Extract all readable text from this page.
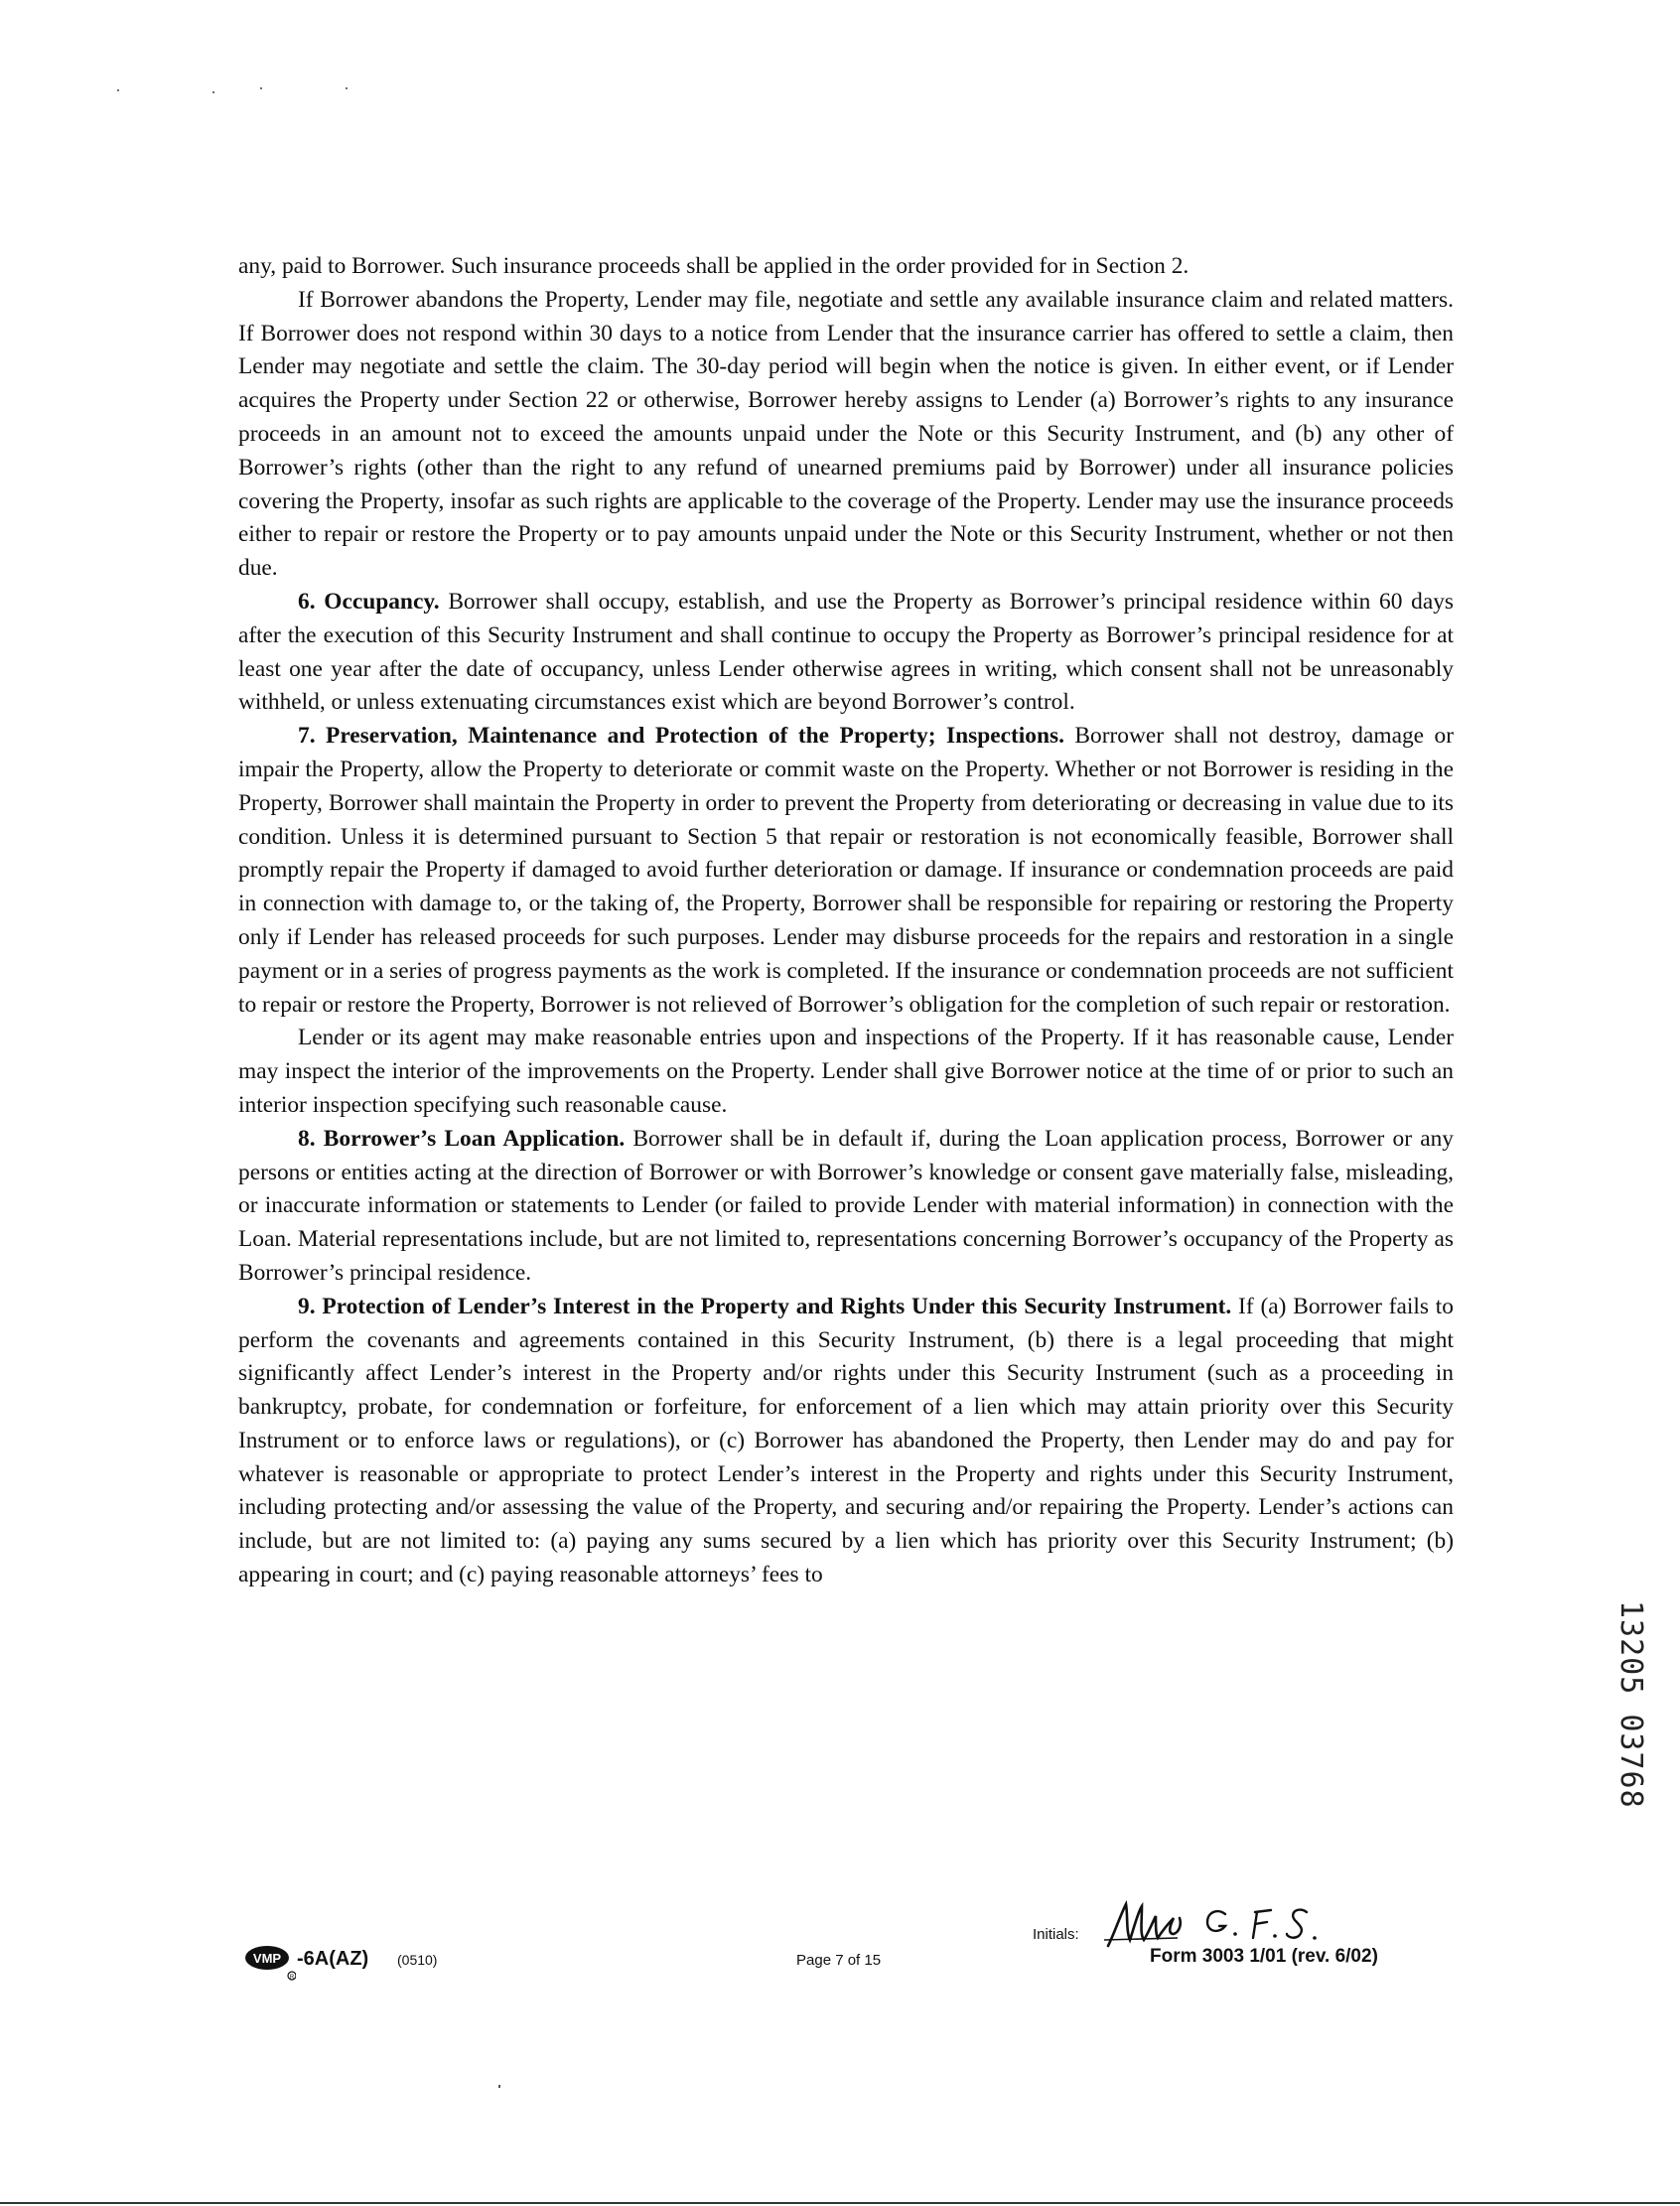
any, paid to Borrower. Such insurance proceeds shall be applied in the order provided for in Section 2.

If Borrower abandons the Property, Lender may file, negotiate and settle any available insurance claim and related matters. If Borrower does not respond within 30 days to a notice from Lender that the insurance carrier has offered to settle a claim, then Lender may negotiate and settle the claim. The 30-day period will begin when the notice is given. In either event, or if Lender acquires the Property under Section 22 or otherwise, Borrower hereby assigns to Lender (a) Borrower’s rights to any insurance proceeds in an amount not to exceed the amounts unpaid under the Note or this Security Instrument, and (b) any other of Borrower’s rights (other than the right to any refund of unearned premiums paid by Borrower) under all insurance policies covering the Property, insofar as such rights are applicable to the coverage of the Property. Lender may use the insurance proceeds either to repair or restore the Property or to pay amounts unpaid under the Note or this Security Instrument, whether or not then due.

6. Occupancy. Borrower shall occupy, establish, and use the Property as Borrower’s principal residence within 60 days after the execution of this Security Instrument and shall continue to occupy the Property as Borrower’s principal residence for at least one year after the date of occupancy, unless Lender otherwise agrees in writing, which consent shall not be unreasonably withheld, or unless extenuating circumstances exist which are beyond Borrower’s control.

7. Preservation, Maintenance and Protection of the Property; Inspections. Borrower shall not destroy, damage or impair the Property, allow the Property to deteriorate or commit waste on the Property. Whether or not Borrower is residing in the Property, Borrower shall maintain the Property in order to prevent the Property from deteriorating or decreasing in value due to its condition. Unless it is determined pursuant to Section 5 that repair or restoration is not economically feasible, Borrower shall promptly repair the Property if damaged to avoid further deterioration or damage. If insurance or condemnation proceeds are paid in connection with damage to, or the taking of, the Property, Borrower shall be responsible for repairing or restoring the Property only if Lender has released proceeds for such purposes. Lender may disburse proceeds for the repairs and restoration in a single payment or in a series of progress payments as the work is completed. If the insurance or condemnation proceeds are not sufficient to repair or restore the Property, Borrower is not relieved of Borrower’s obligation for the completion of such repair or restoration.

Lender or its agent may make reasonable entries upon and inspections of the Property. If it has reasonable cause, Lender may inspect the interior of the improvements on the Property. Lender shall give Borrower notice at the time of or prior to such an interior inspection specifying such reasonable cause.

8. Borrower’s Loan Application. Borrower shall be in default if, during the Loan application process, Borrower or any persons or entities acting at the direction of Borrower or with Borrower’s knowledge or consent gave materially false, misleading, or inaccurate information or statements to Lender (or failed to provide Lender with material information) in connection with the Loan. Material representations include, but are not limited to, representations concerning Borrower’s occupancy of the Property as Borrower’s principal residence.

9. Protection of Lender’s Interest in the Property and Rights Under this Security Instrument. If (a) Borrower fails to perform the covenants and agreements contained in this Security Instrument, (b) there is a legal proceeding that might significantly affect Lender’s interest in the Property and/or rights under this Security Instrument (such as a proceeding in bankruptcy, probate, for condemnation or forfeiture, for enforcement of a lien which may attain priority over this Security Instrument or to enforce laws or regulations), or (c) Borrower has abandoned the Property, then Lender may do and pay for whatever is reasonable or appropriate to protect Lender’s interest in the Property and rights under this Security Instrument, including protecting and/or assessing the value of the Property, and securing and/or repairing the Property. Lender’s actions can include, but are not limited to: (a) paying any sums secured by a lien which has priority over this Security Instrument; (b) appearing in court; and (c) paying reasonable attorneys’ fees to

13205 03768
VMP
R
-6A(AZ) (0510)	Page 7 of 15
Initials:
Form 3003 1/01 (rev. 6/02)
